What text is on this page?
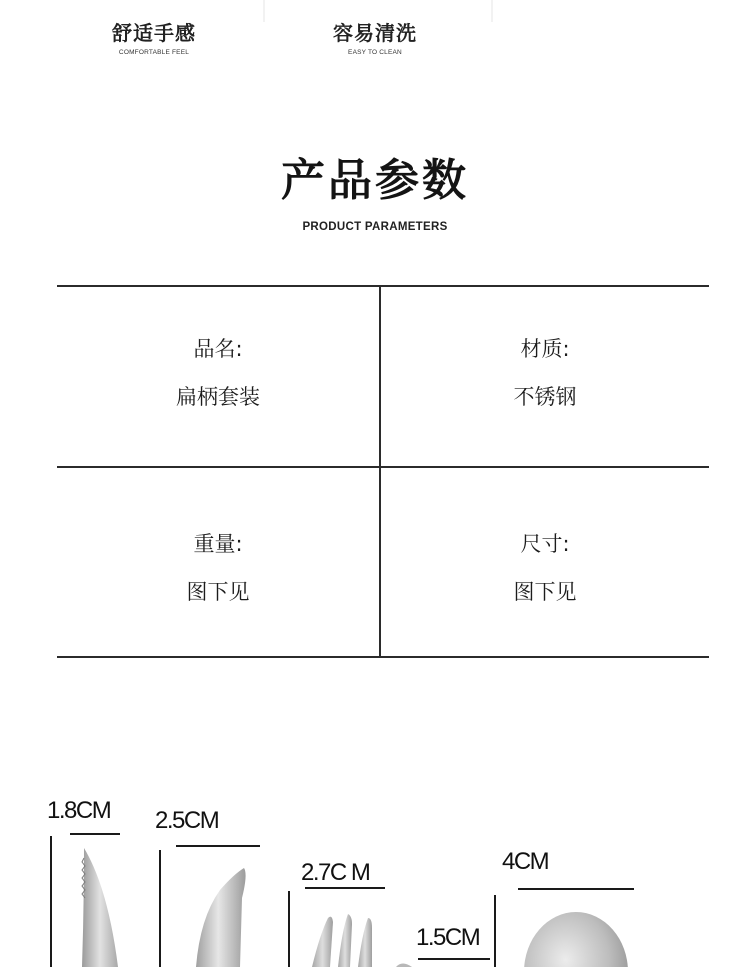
舒适手感
COMFORTABLE FEEL
容易清洗
EASY TO CLEAN
产品参数
PRODUCT PARAMETERS
品名:
扁柄套装
材质:
不锈钢
重量:
图下见
尺寸:
图下见
1.8CM 2.5CM
2.7C M
1.5CM
4CM
